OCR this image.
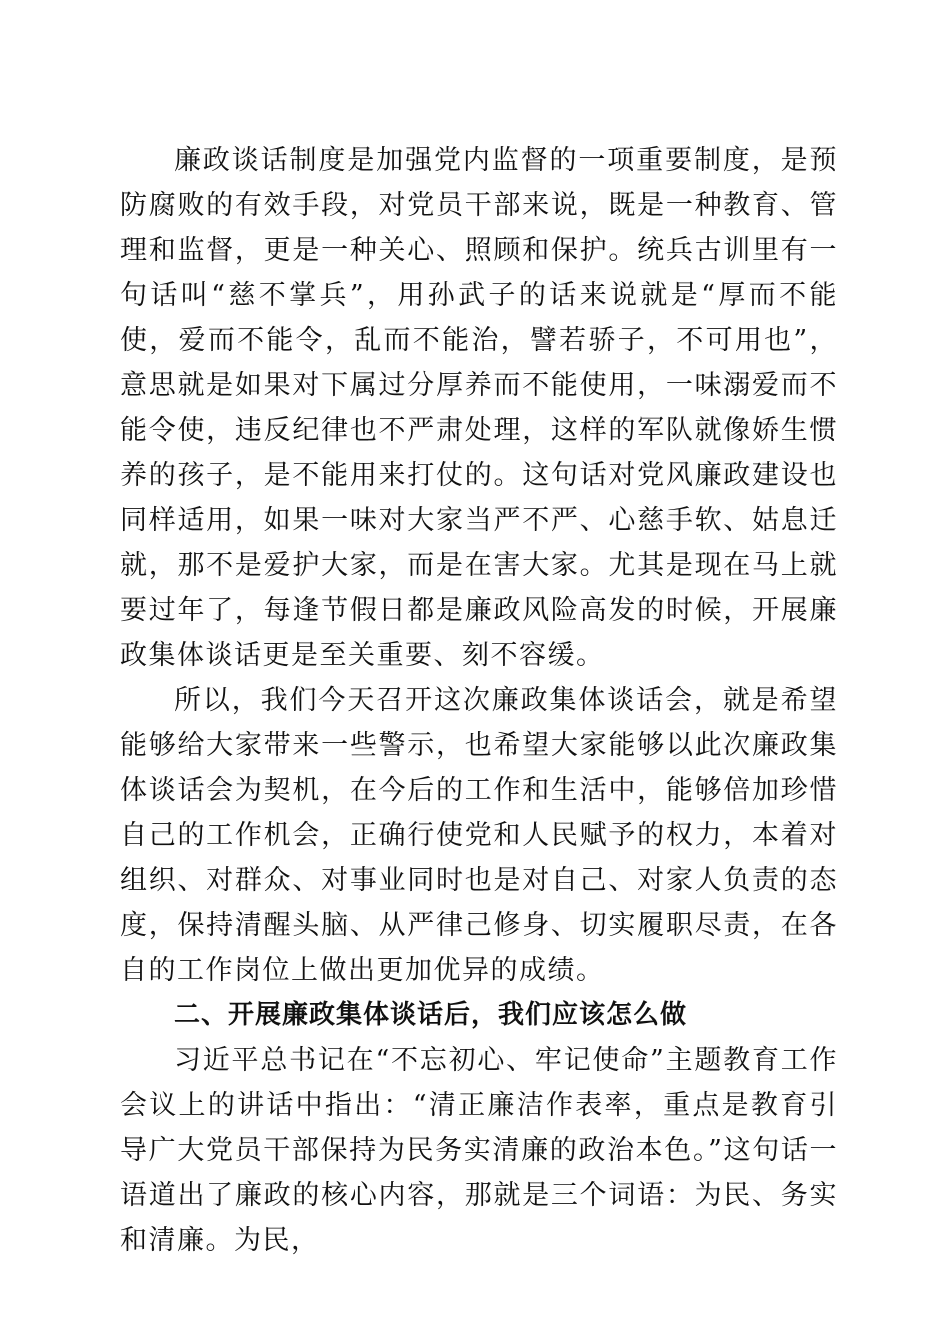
廉政谈话制度是加强党内监督的一项重要制度，是预防腐败的有效手段，对党员干部来说，既是一种教育、管理和监督，更是一种关心、照顾和保护。统兵古训里有一句话叫“慈不掌兵”，用孙武子的话来说就是“厚而不能使，爱而不能令，乱而不能治，譬若骄子，不可用也”，意思就是如果对下属过分厚养而不能使用，一味溺爱而不能令使，违反纪律也不严肃处理，这样的军队就像娇生惯养的孩子，是不能用来打仗的。这句话对党风廉政建设也同样适用，如果一味对大家当严不严、心慈手软、姑息迁就，那不是爱护大家，而是在害大家。尤其是现在马上就要过年了，每逢节假日都是廉政风险高发的时候，开展廉政集体谈话更是至关重要、刻不容缓。

所以，我们今天召开这次廉政集体谈话会，就是希望能够给大家带来一些警示，也希望大家能够以此次廉政集体谈话会为契机，在今后的工作和生活中，能够倍加珍惜自己的工作机会，正确行使党和人民赋予的权力，本着对组织、对群众、对事业同时也是对自己、对家人负责的态度，保持清醒头脑、从严律己修身、切实履职尽责，在各自的工作岗位上做出更加优异的成绩。

二、开展廉政集体谈话后，我们应该怎么做

习近平总书记在“不忘初心、牢记使命”主题教育工作会议上的讲话中指出：“清正廉洁作表率，重点是教育引导广大党员干部保持为民务实清廉的政治本色。”这句话一语道出了廉政的核心内容，那就是三个词语：为民、务实和清廉。为民，
